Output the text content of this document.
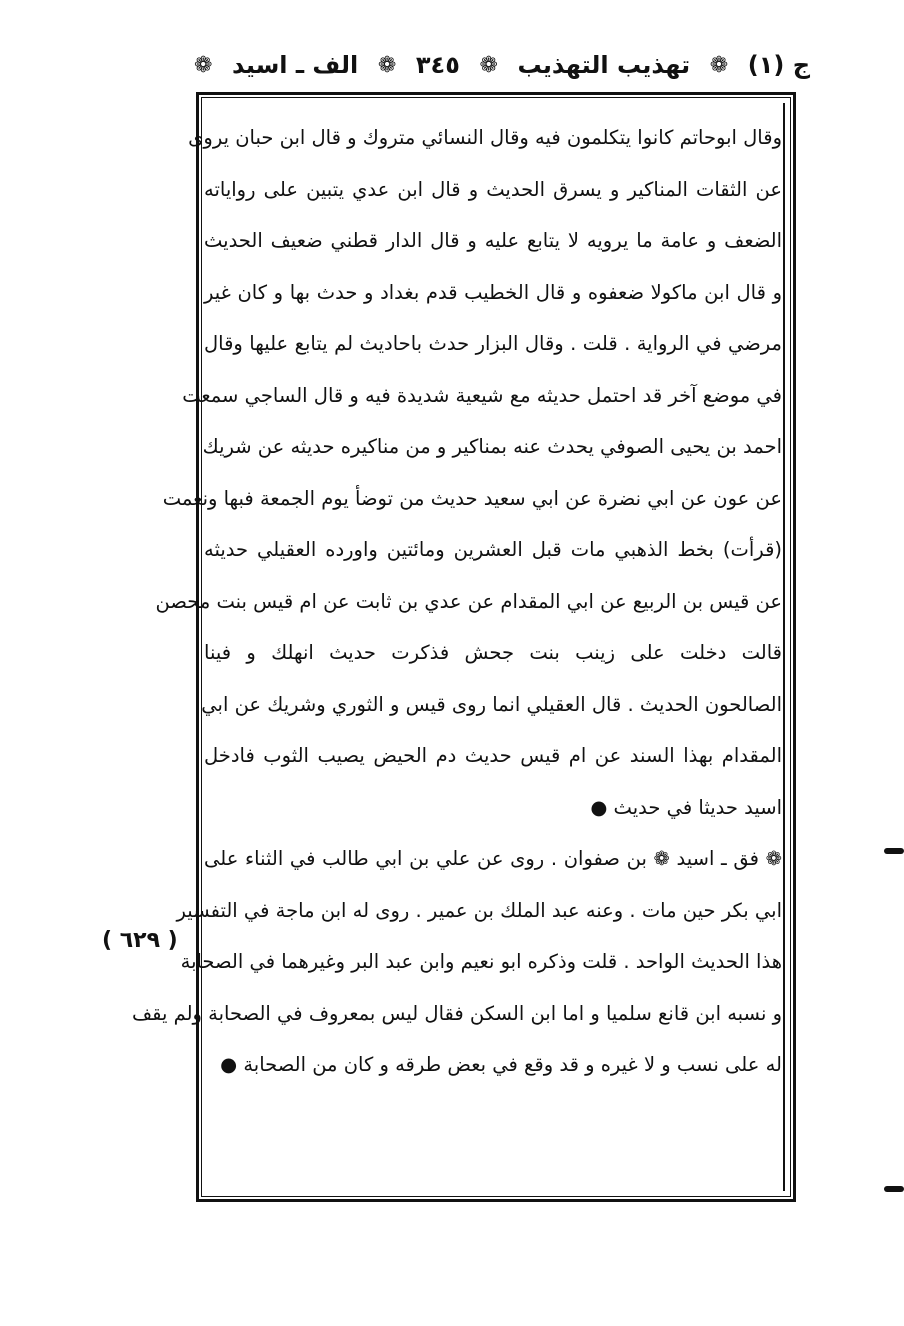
ج (١)
❁
تهذيب التهذيب
❁
٣٤٥
❁
الف ـ اسيد
❁
( ٦٢٩ )
وقال ابوحاتم كانوا يتكلمون فيه وقال النسائي متروك و قال ابن حبان يروى
عن الثقات المناكير و يسرق الحديث و قال ابن عدي يتبين على رواياته
الضعف و عامة ما يرويه لا يتابع عليه و قال الدار قطني ضعيف الحديث
و قال ابن ماكولا ضعفوه و قال الخطيب قدم بغداد و حدث بها و كان غير
مرضي في الرواية . قلت . وقال البزار حدث باحاديث لم يتابع عليها وقال
في موضع آخر قد احتمل حديثه مع شيعية شديدة فيه و قال الساجي سمعت
احمد بن يحيى الصوفي يحدث عنه بمناكير و من مناكيره حديثه عن شريك
عن عون عن ابي نضرة عن ابي سعيد حديث من توضأ يوم الجمعة فبها ونعمت
(قرأت) بخط الذهبي مات قبل العشرين ومائتين واورده العقيلي حديثه
عن قيس بن الربيع عن ابي المقدام عن عدي بن ثابت عن ام قيس بنت محصن
قالت دخلت على زينب بنت جحش فذكرت حديث انهلك و فينا
الصالحون الحديث . قال العقيلي انما روى قيس و الثوري وشريك عن ابي
المقدام بهذا السند عن ام قيس حديث دم الحيض يصيب الثوب فادخل
اسيد حديثا في حديث ●
❁ فق ـ اسيد ❁ بن صفوان . روى عن علي بن ابي طالب في الثناء على
ابي بكر حين مات . وعنه عبد الملك بن عمير . روى له ابن ماجة في التفسير
هذا الحديث الواحد . قلت وذكره ابو نعيم وابن عبد البر وغيرهما في الصحابة
و نسبه ابن قانع سلميا و اما ابن السكن فقال ليس بمعروف في الصحابة ولم يقف
له على نسب و لا غيره و قد وقع في بعض طرقه و كان من الصحابة ●
